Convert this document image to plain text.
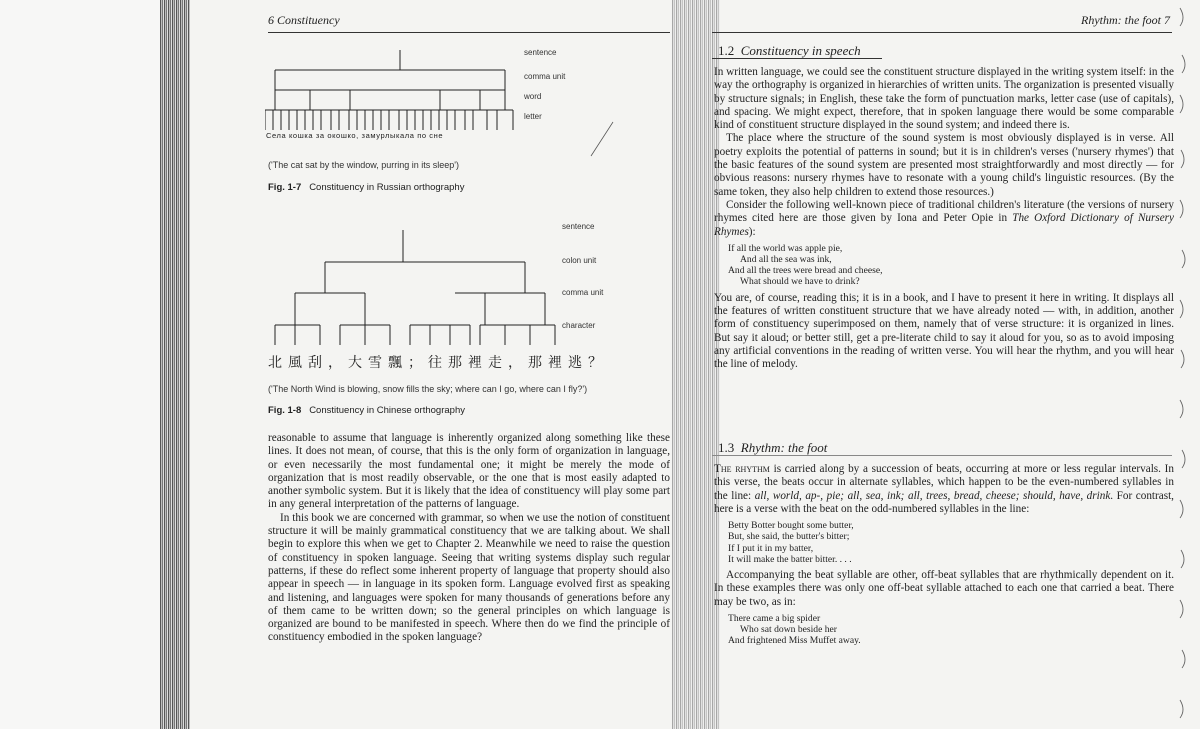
6 Constituency
sentence
comma unit
word
letter
Села кошка за окошко, замурлыкала по сне
('The cat sat by the window, purring in its sleep')
Fig. 1-7 Constituency in Russian orthography
sentence
colon unit
comma unit
character
北風刮，大雪飄；往那裡走，那裡逃？
('The North Wind is blowing, snow fills the sky; where can I go, where can I fly?')
Fig. 1-8 Constituency in Chinese orthography

reasonable to assume that language is inherently organized along something like these lines. It does not mean, of course, that this is the only form of organization in language, or even necessarily the most fundamental one; it might be merely the mode of organization that is most readily observable, or the one that is most easily adapted to another symbolic system. But it is likely that the idea of constituency will play some part in any general interpretation of the patterns of language.

In this book we are concerned with grammar, so when we use the notion of constituent structure it will be mainly grammatical constituency that we are talking about. We shall begin to explore this when we get to Chapter 2. Meanwhile we need to raise the question of constituency in spoken language. Seeing that writing systems display such regular patterns, if these do reflect some inherent property of language that property should also appear in speech — in language in its spoken form. Language evolved first as speaking and listening, and languages were spoken for many thousands of generations before any of them came to be written down; so the general principles on which language is organized are bound to be manifested in speech. Where then do we find the principle of constituency embodied in the spoken language?

Rhythm: the foot 7
1.2 Constituency in speech

In written language, we could see the constituent structure displayed in the writing system itself: in the way the orthography is organized in hierarchies of written units. The organization is presented visually by structure signals; in English, these take the form of punctuation marks, letter case (use of capitals), and spacing. We might expect, therefore, that in spoken language there would be some comparable kind of constituent structure displayed in the sound system; and indeed there is.

The place where the structure of the sound system is most obviously displayed is in verse. All poetry exploits the potential of patterns in sound; but it is in children's verses ('nursery rhymes') that the basic features of the sound system are presented most straightforwardly and most directly — for obvious reasons: nursery rhymes have to resonate with a young child's linguistic resources. (By the same token, they also help children to extend those resources.)

Consider the following well-known piece of traditional children's literature (the versions of nursery rhymes cited here are those given by Iona and Peter Opie in The Oxford Dictionary of Nursery Rhymes):

If all the world was apple pie,
And all the sea was ink,
And all the trees were bread and cheese,
What should we have to drink?

You are, of course, reading this; it is in a book, and I have to present it here in writing. It displays all the features of written constituent structure that we have already noted — with, in addition, another form of constituency superimposed on them, namely that of verse structure: it is organized in lines. But say it aloud; or better still, get a pre-literate child to say it aloud for you, so as to avoid imposing any artificial conventions in the reading of written verse. You will hear the rhythm, and you will hear the line of melody.

1.3 Rhythm: the foot

The rhythm is carried along by a succession of beats, occurring at more or less regular intervals. In this verse, the beats occur in alternate syllables, which happen to be the even-numbered syllables in the line: all, world, ap-, pie; all, sea, ink; all, trees, bread, cheese; should, have, drink. For contrast, here is a verse with the beat on the odd-numbered syllables in the line:

Betty Botter bought some butter,
But, she said, the butter's bitter;
If I put it in my batter,
It will make the batter bitter. . . .

Accompanying the beat syllable are other, off-beat syllables that are rhythmically dependent on it. In these examples there was only one off-beat syllable attached to each one that carried a beat. There may be two, as in:

There came a big spider
Who sat down beside her
And frightened Miss Muffet away.
